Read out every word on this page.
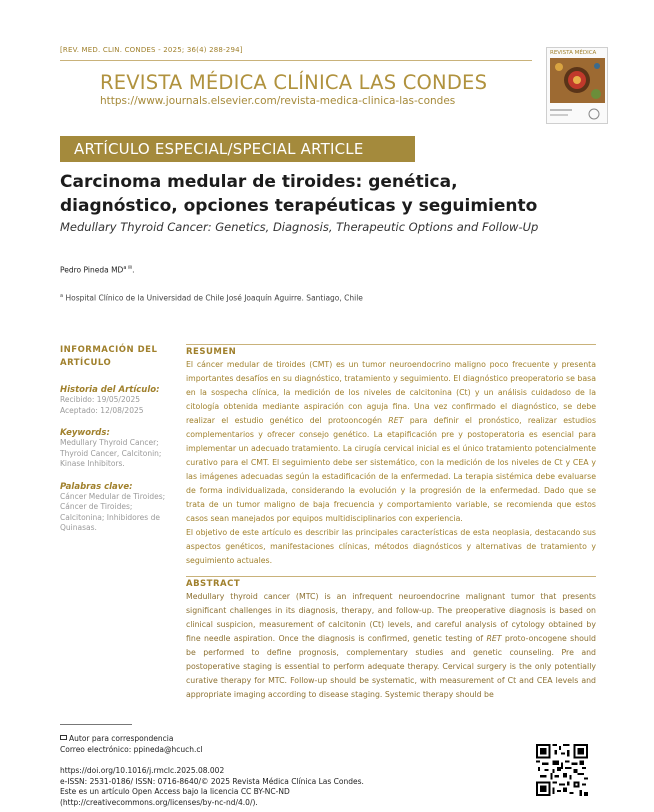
[REV. MED. CLIN. CONDES - 2025; 36(4) 288-294]
REVISTA MÉDICA CLÍNICA LAS CONDES
https://www.journals.elsevier.com/revista-medica-clinica-las-condes
REVISTA MÉDICA
ARTÍCULO ESPECIAL/SPECIAL ARTICLE
Carcinoma medular de tiroides: genética, diagnóstico, opciones terapéuticas y seguimiento
Medullary Thyroid Cancer: Genetics, Diagnosis, Therapeutic Options and Follow-Up
Pedro Pineda $MD^{a ✉}$.
$^a$ Hospital Clínico de la Universidad de Chile José Joaquín Aguirre. Santiago, Chile
INFORMACIÓN DEL ARTÍCULO
Historia del Artículo:
Recibido: 19/05/2025
Aceptado: 12/08/2025
Keywords:
Medullary Thyroid Cancer;
Thyroid Cancer, Calcitonin;
Kinase Inhibitors.
Palabras clave:
Cáncer Medular de Tiroides;
Cáncer de Tiroides;
Calcitonina; Inhibidores de
Quinasas.
RESUMEN

El cáncer medular de tiroides (CMT) es un tumor neuroendocrino maligno poco frecuente y presenta importantes desafíos en su diagnóstico, tratamiento y seguimiento. El diagnóstico preoperatorio se basa en la sospecha clínica, la medición de los niveles de calcitonina (Ct) y un análisis cuidadoso de la citología obtenida mediante aspiración con aguja fina. Una vez confirmado el diagnóstico, se debe realizar el estudio genético del protooncogén RET para definir el pronóstico, realizar estudios complementarios y ofrecer consejo genético. La etapificación pre y postoperatoria es esencial para implementar un adecuado tratamiento. La cirugía cervical inicial es el único tratamiento potencialmente curativo para el CMT. El seguimiento debe ser sistemático, con la medición de los niveles de Ct y CEA y las imágenes adecuadas según la estadificación de la enfermedad. La terapia sistémica debe evaluarse de forma individualizada, considerando la evolución y la progresión de la enfermedad. Dado que se trata de un tumor maligno de baja frecuencia y comportamiento variable, se recomienda que estos casos sean manejados por equipos multidisciplinarios con experiencia.

El objetivo de este artículo es describir las principales características de esta neoplasia, destacando sus aspectos genéticos, manifestaciones clínicas, métodos diagnósticos y alternativas de tratamiento y seguimiento actuales.

ABSTRACT

Medullary thyroid cancer (MTC) is an infrequent neuroendocrine malignant tumor that presents significant challenges in its diagnosis, therapy, and follow-up. The preoperative diagnosis is based on clinical suspicion, measurement of calcitonin (Ct) levels, and careful analysis of cytology obtained by fine needle aspiration. Once the diagnosis is confirmed, genetic testing of RET proto-oncogene should be performed to define prognosis, complementary studies and genetic counseling. Pre and postoperative staging is essential to perform adequate therapy. Cervical surgery is the only potentially curative therapy for MTC. Follow-up should be systematic, with measurement of Ct and CEA levels and appropriate imaging according to disease staging. Systemic therapy should be

Autor para correspondencia
Correo electrónico: ppineda@hcuch.cl
https://doi.org/10.1016/j.rmclc.2025.08.002
e-ISSN: 2531-0186/ ISSN: 0716-8640/© 2025 Revista Médica Clínica Las Condes.
Este es un artículo Open Access bajo la licencia CC BY-NC-ND
(http://creativecommons.org/licenses/by-nc-nd/4.0/).
